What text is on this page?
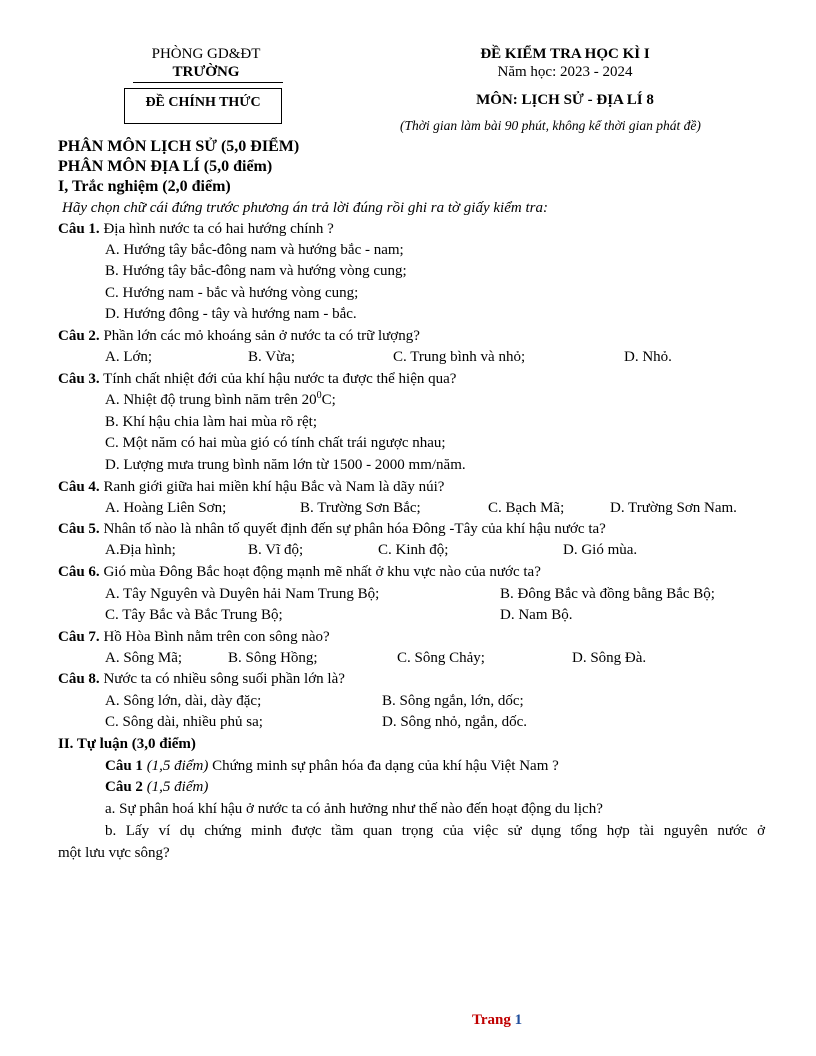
PHÒNG GD&ĐT
TRƯỜNG
ĐỀ CHÍNH THỨC
ĐỀ KIỂM TRA HỌC KÌ I
Năm học: 2023 - 2024
MÔN: LỊCH SỬ - ĐỊA LÍ 8
(Thời gian làm bài 90 phút, không kể thời gian phát đề)
PHÂN MÔN LỊCH SỬ (5,0 ĐIỂM)
PHÂN MÔN ĐỊA LÍ (5,0 điểm)
I, Trắc nghiệm (2,0 điểm)
Hãy chọn chữ cái đứng trước phương án trả lời đúng rồi ghi ra tờ giấy kiểm tra:
Câu 1. Địa hình nước ta có hai hướng chính ?
A. Hướng tây bắc-đông nam và hướng bắc - nam;
B. Hướng tây bắc-đông nam và hướng vòng cung;
C. Hướng nam - bắc và hướng vòng cung;
D. Hướng đông - tây và hướng nam - bắc.
Câu 2. Phần lớn các mỏ khoáng sản ở nước ta có trữ lượng?
A. Lớn;	B. Vừa;	C. Trung bình và nhỏ;	D. Nhỏ.
Câu 3. Tính chất nhiệt đới của khí hậu nước ta được thể hiện qua?
A. Nhiệt độ trung bình năm trên $20^0C$;
B. Khí hậu chia làm hai mùa rõ rệt;
C. Một năm có hai mùa gió có tính chất trái ngược nhau;
D. Lượng mưa trung bình năm lớn từ 1500 - 2000 mm/năm.
Câu 4. Ranh giới giữa hai miền khí hậu Bắc và Nam là dãy núi?
A. Hoàng Liên Sơn;	B. Trường Sơn Bắc;	C. Bạch Mã;	D. Trường Sơn Nam.
Câu 5. Nhân tố nào là nhân tố quyết định đến sự phân hóa Đông -Tây của khí hậu nước ta?
A.Địa hình;	B. Vĩ độ;	C. Kinh độ;	D. Gió mùa.
Câu 6. Gió mùa Đông Bắc hoạt động mạnh mẽ nhất ở khu vực nào của nước ta?
A. Tây Nguyên và Duyên hải Nam Trung Bộ;	B. Đông Bắc và đồng bằng Bắc Bộ;
C. Tây Bắc và Bắc Trung Bộ;	D. Nam Bộ.
Câu 7. Hồ Hòa Bình nằm trên con sông nào?
A. Sông Mã;	B. Sông Hồng;	C. Sông Chảy;	D. Sông Đà.
Câu 8. Nước ta có nhiều sông suối phần lớn là?
A. Sông lớn, dài, dày đặc;	B. Sông ngắn, lớn, dốc;
C. Sông dài, nhiều phủ sa;	D. Sông nhỏ, ngắn, dốc.
II. Tự luận (3,0 điểm)
Câu 1 (1,5 điểm) Chứng minh sự phân hóa đa dạng của khí hậu Việt Nam ?
Câu 2 (1,5 điểm)
a. Sự phân hoá khí hậu ở nước ta có ảnh hưởng như thế nào đến hoạt động du lịch?
b. Lấy ví dụ chứng minh được tầm quan trọng của việc sử dụng tổng hợp tài nguyên nước ở
một lưu vực sông?
Trang 1
